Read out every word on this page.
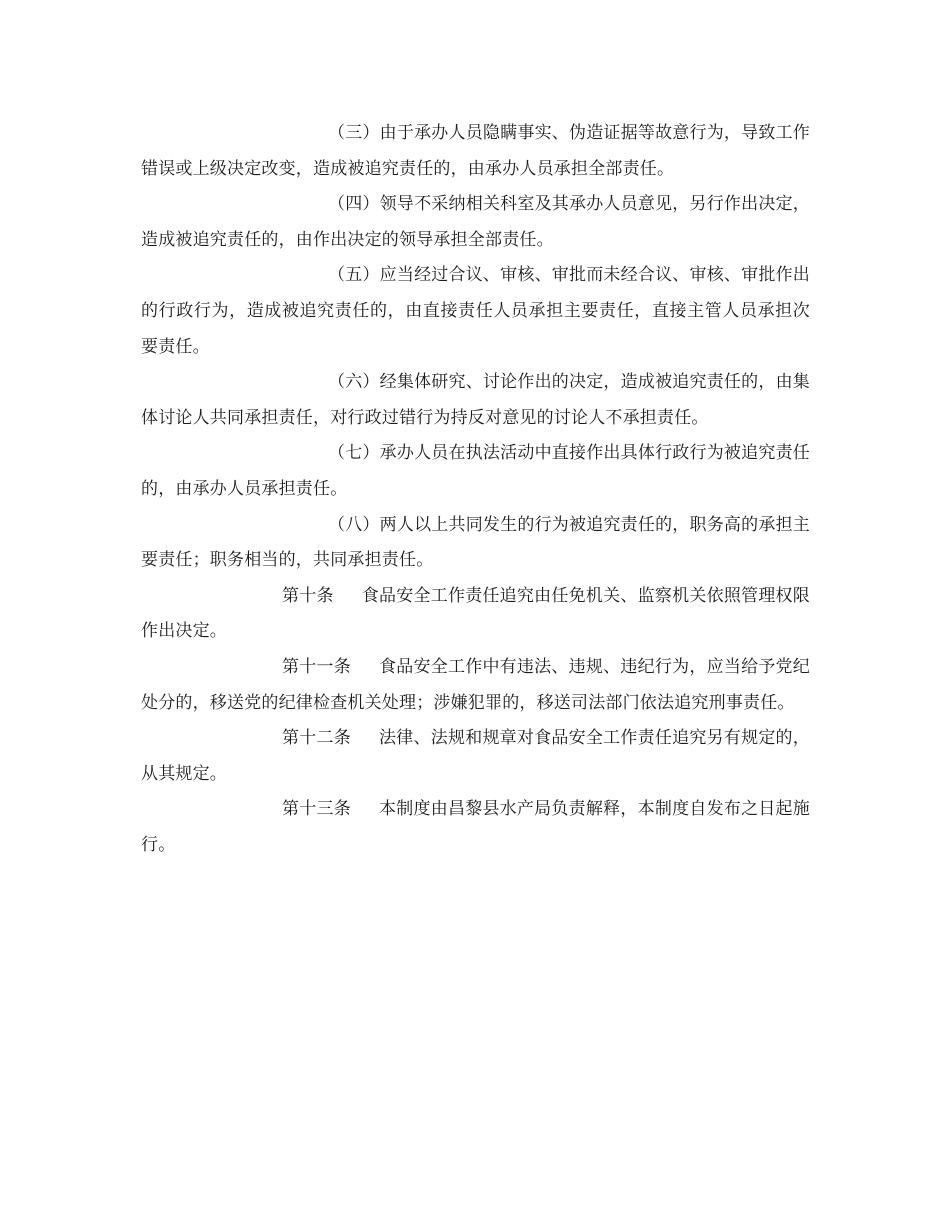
（三）由于承办人员隐瞒事实、伪造证据等故意行为，导致工作错误或上级决定改变，造成被追究责任的，由承办人员承担全部责任。

（四）领导不采纳相关科室及其承办人员意见，另行作出决定，造成被追究责任的，由作出决定的领导承担全部责任。

（五）应当经过合议、审核、审批而未经合议、审核、审批作出的行政行为，造成被追究责任的，由直接责任人员承担主要责任，直接主管人员承担次要责任。

（六）经集体研究、讨论作出的决定，造成被追究责任的，由集体讨论人共同承担责任，对行政过错行为持反对意见的讨论人不承担责任。

（七）承办人员在执法活动中直接作出具体行政行为被追究责任的，由承办人员承担责任。

（八）两人以上共同发生的行为被追究责任的，职务高的承担主要责任；职务相当的，共同承担责任。

第十条 食品安全工作责任追究由任免机关、监察机关依照管理权限作出决定。

第十一条 食品安全工作中有违法、违规、违纪行为，应当给予党纪处分的，移送党的纪律检查机关处理；涉嫌犯罪的，移送司法部门依法追究刑事责任。

第十二条 法律、法规和规章对食品安全工作责任追究另有规定的，从其规定。

第十三条 本制度由昌黎县水产局负责解释，本制度自发布之日起施行。
